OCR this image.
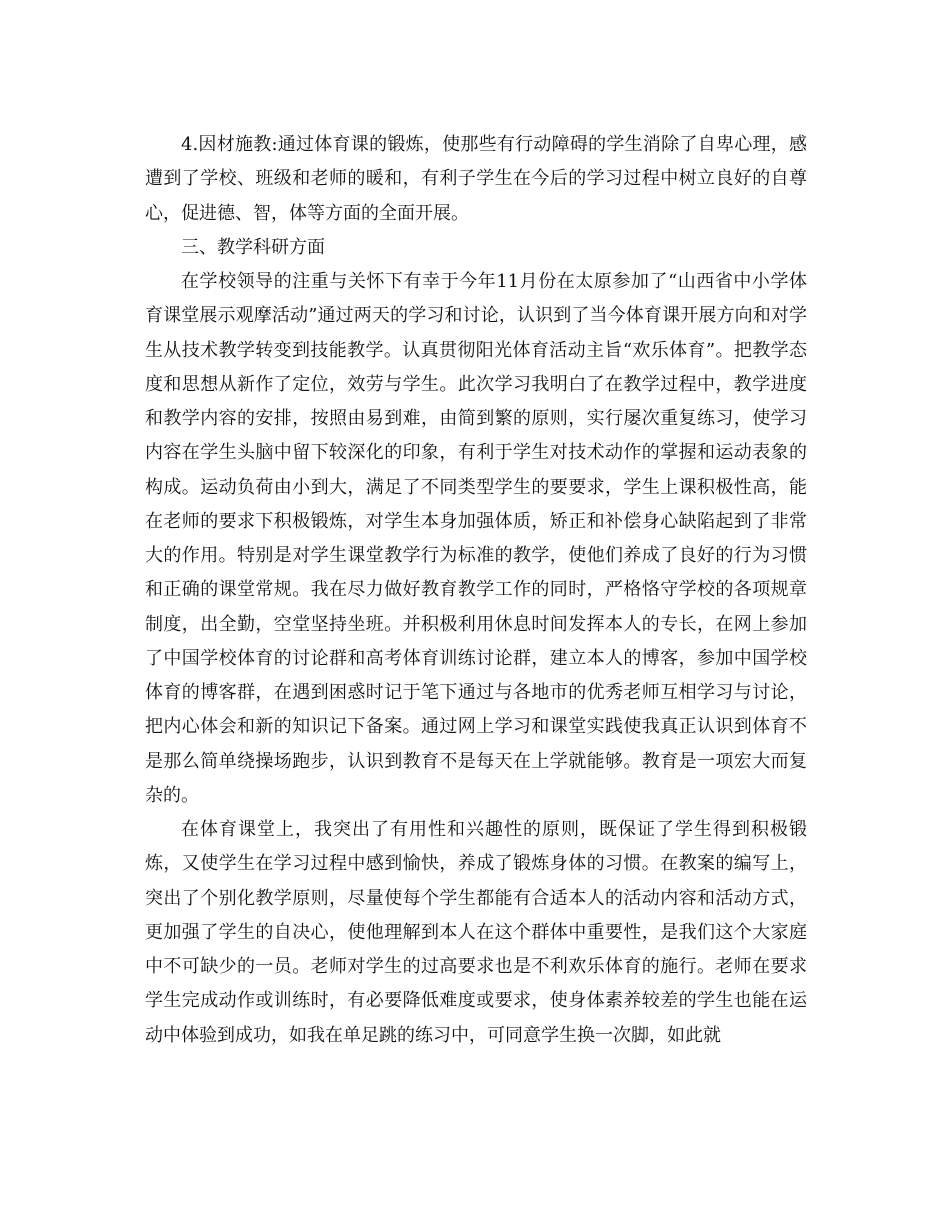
4.因材施教:通过体育课的锻炼，使那些有行动障碍的学生消除了自卑心理，感遭到了学校、班级和老师的暖和，有利子学生在今后的学习过程中树立良好的自尊心，促进德、智，体等方面的全面开展。

三、教学科研方面

在学校领导的注重与关怀下有幸于今年11月份在太原参加了“山西省中小学体育课堂展示观摩活动”通过两天的学习和讨论，认识到了当今体育课开展方向和对学生从技术教学转变到技能教学。认真贯彻阳光体育活动主旨“欢乐体育”。把教学态度和思想从新作了定位，效劳与学生。此次学习我明白了在教学过程中，教学进度和教学内容的安排，按照由易到难，由简到繁的原则，实行屡次重复练习，使学习内容在学生头脑中留下较深化的印象，有利于学生对技术动作的掌握和运动表象的构成。运动负荷由小到大，满足了不同类型学生的要要求，学生上课积极性高，能在老师的要求下积极锻炼，对学生本身加强体质，矫正和补偿身心缺陷起到了非常大的作用。特别是对学生课堂教学行为标准的教学，使他们养成了良好的行为习惯和正确的课堂常规。我在尽力做好教育教学工作的同时，严格恪守学校的各项规章制度，出全勤，空堂坚持坐班。并积极利用休息时间发挥本人的专长，在网上参加了中国学校体育的讨论群和高考体育训练讨论群，建立本人的博客，参加中国学校体育的博客群，在遇到困惑时记于笔下通过与各地市的优秀老师互相学习与讨论，把内心体会和新的知识记下备案。通过网上学习和课堂实践使我真正认识到体育不是那么简单绕操场跑步，认识到教育不是每天在上学就能够。教育是一项宏大而复杂的。

在体育课堂上，我突出了有用性和兴趣性的原则，既保证了学生得到积极锻炼，又使学生在学习过程中感到愉快，养成了锻炼身体的习惯。在教案的编写上，突出了个别化教学原则，尽量使每个学生都能有合适本人的活动内容和活动方式，更加强了学生的自决心，使他理解到本人在这个群体中重要性，是我们这个大家庭中不可缺少的一员。老师对学生的过高要求也是不利欢乐体育的施行。老师在要求学生完成动作或训练时，有必要降低难度或要求，使身体素养较差的学生也能在运动中体验到成功，如我在单足跳的练习中，可同意学生换一次脚，如此就
